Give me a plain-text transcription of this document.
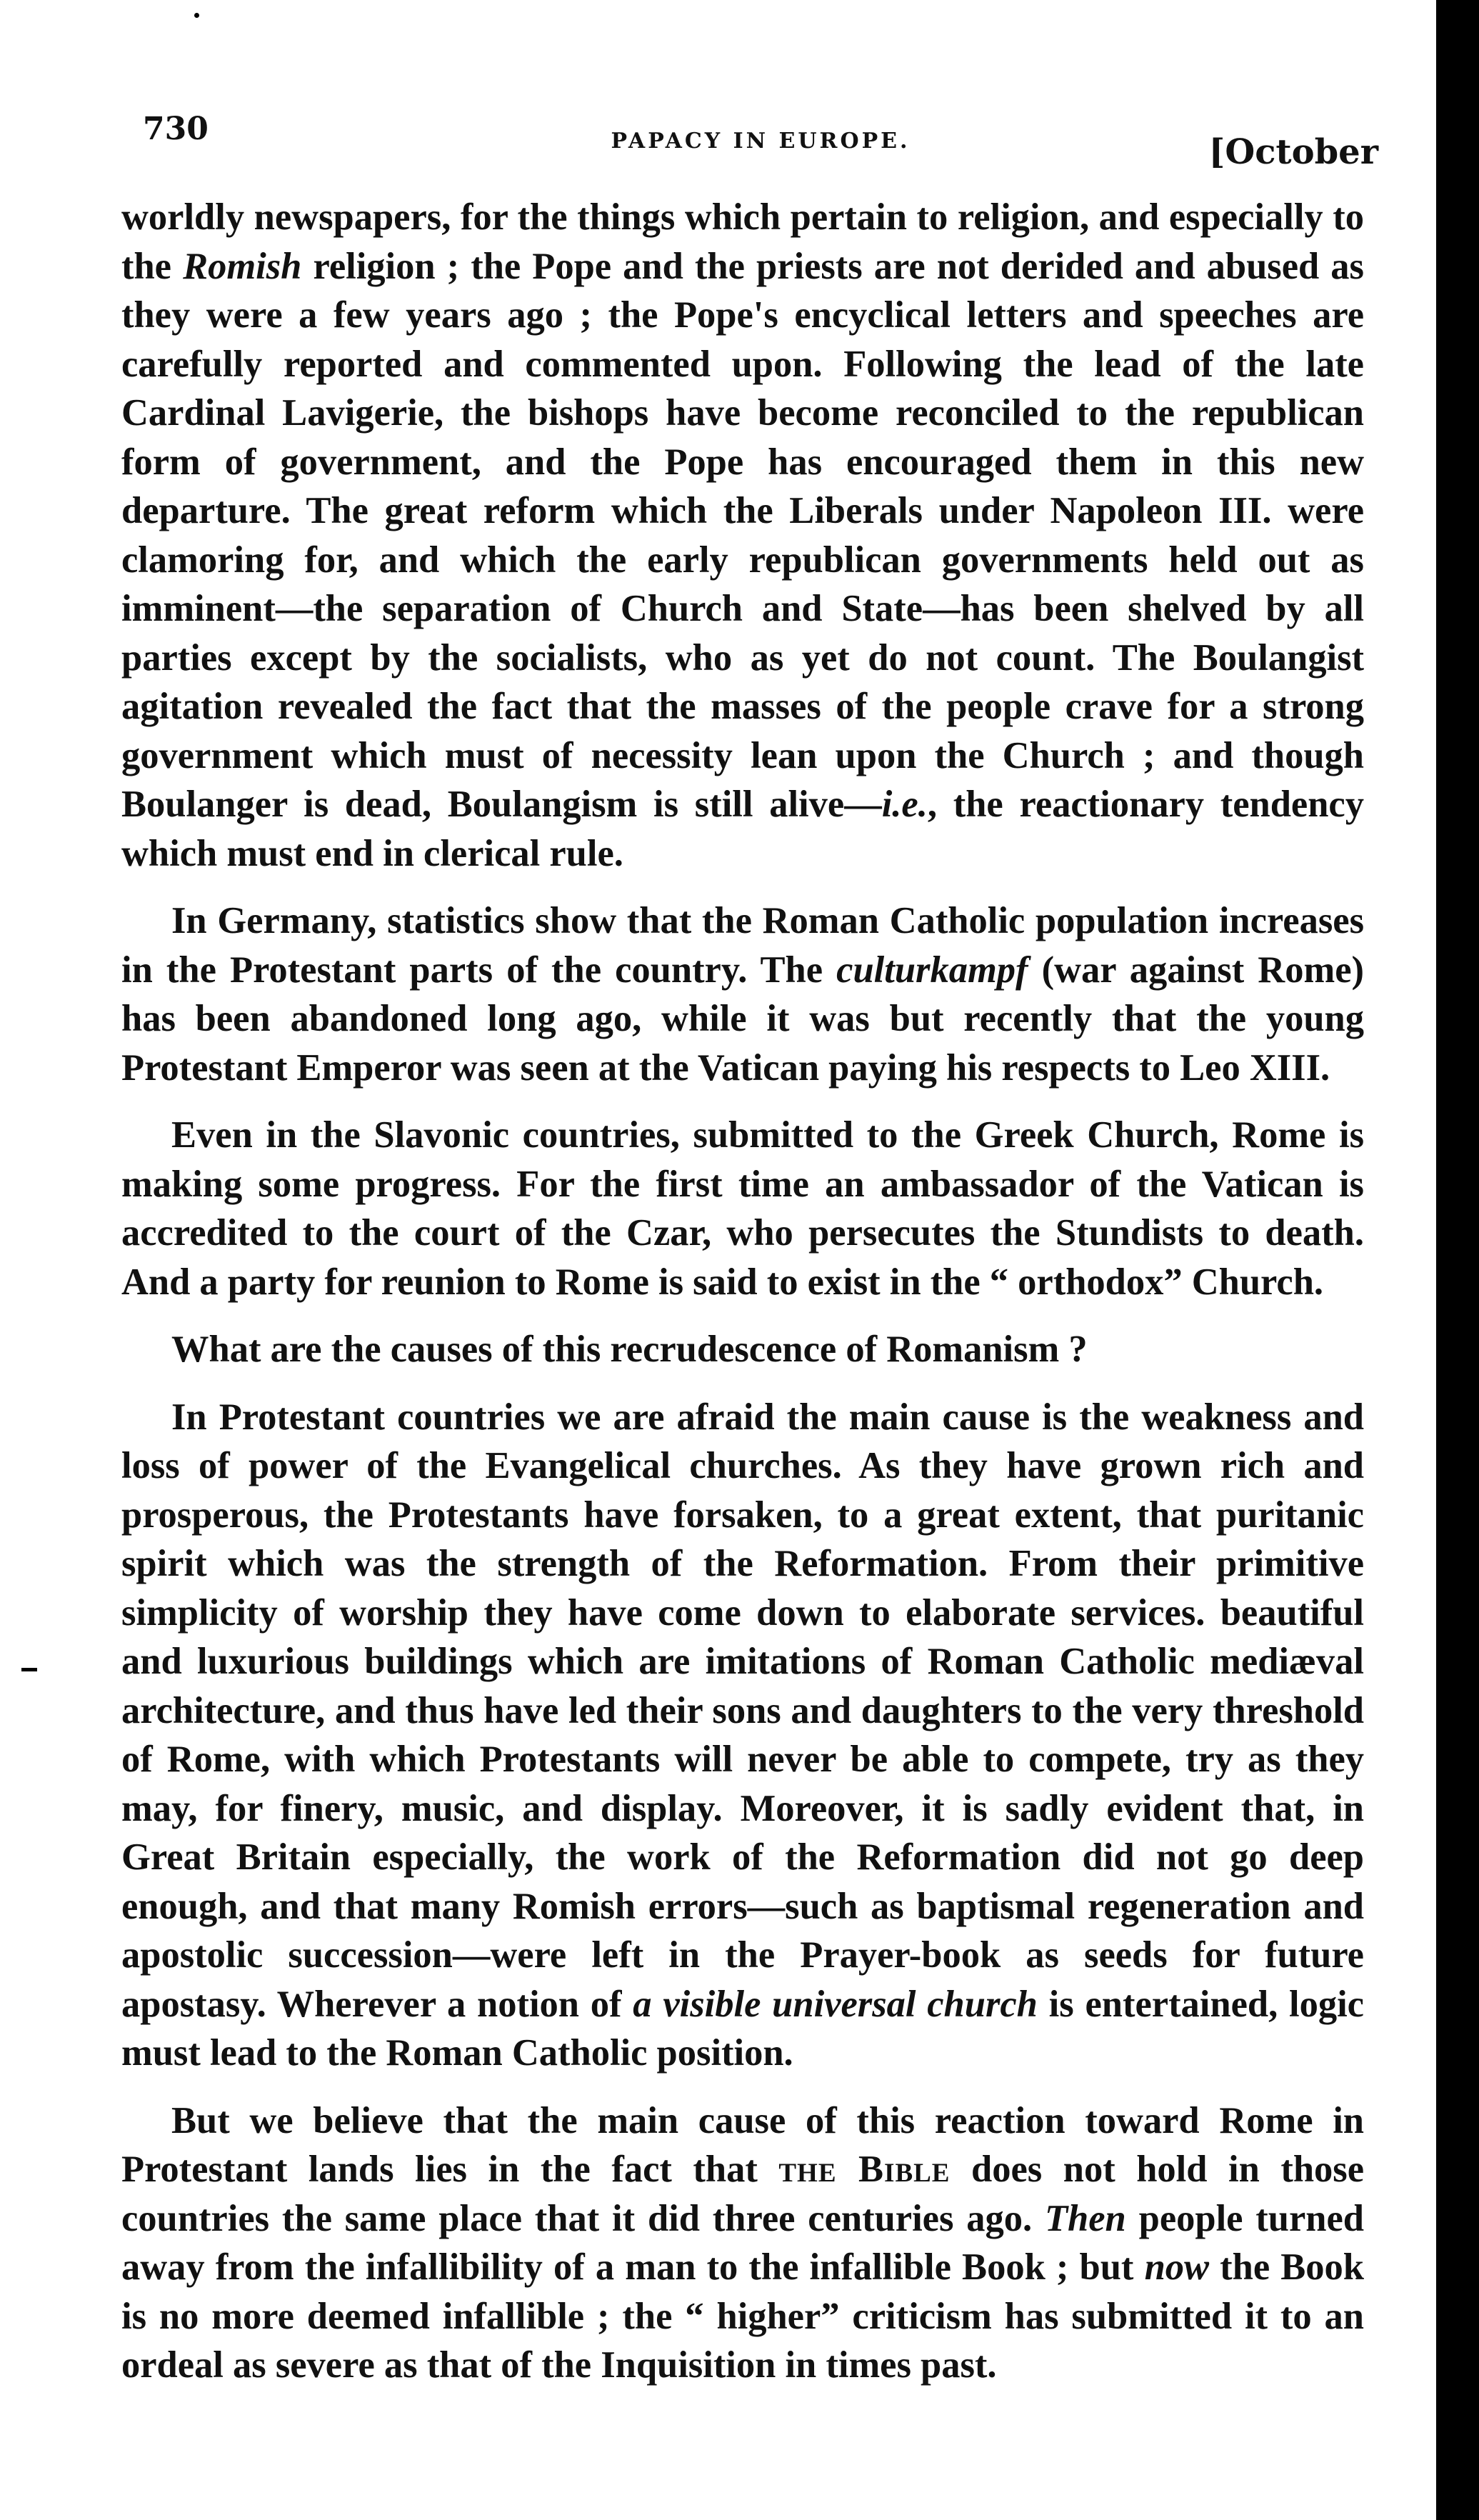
730	PAPACY IN EUROPE.	[October

worldly newspapers, for the things which pertain to religion, and especially to the Romish religion ; the Pope and the priests are not derided and abused as they were a few years ago ; the Pope's encyclical letters and speeches are carefully reported and commented upon. Following the lead of the late Cardinal Lavigerie, the bishops have become reconciled to the republican form of government, and the Pope has encouraged them in this new departure. The great reform which the Liberals under Napoleon III. were clamoring for, and which the early republican governments held out as imminent—the separation of Church and State—has been shelved by all parties except by the socialists, who as yet do not count. The Boulangist agitation revealed the fact that the masses of the people crave for a strong government which must of necessity lean upon the Church ; and though Boulanger is dead, Boulangism is still alive—i.e., the reactionary tendency which must end in clerical rule.

In Germany, statistics show that the Roman Catholic population increases in the Protestant parts of the country. The culturkampf (war against Rome) has been abandoned long ago, while it was but recently that the young Protestant Emperor was seen at the Vatican paying his respects to Leo XIII.

Even in the Slavonic countries, submitted to the Greek Church, Rome is making some progress. For the first time an ambassador of the Vatican is accredited to the court of the Czar, who persecutes the Stundists to death. And a party for reunion to Rome is said to exist in the “ orthodox” Church.

What are the causes of this recrudescence of Romanism ?

In Protestant countries we are afraid the main cause is the weakness and loss of power of the Evangelical churches. As they have grown rich and prosperous, the Protestants have forsaken, to a great extent, that puritanic spirit which was the strength of the Reformation. From their primitive simplicity of worship they have come down to elaborate services. beautiful and luxurious buildings which are imitations of Roman Catholic mediæval architecture, and thus have led their sons and daughters to the very threshold of Rome, with which Protestants will never be able to compete, try as they may, for finery, music, and display. Moreover, it is sadly evident that, in Great Britain especially, the work of the Reformation did not go deep enough, and that many Romish errors—such as baptismal regeneration and apostolic succession—were left in the Prayer-book as seeds for future apostasy. Wherever a notion of a visible universal church is entertained, logic must lead to the Roman Catholic position.

But we believe that the main cause of this reaction toward Rome in Protestant lands lies in the fact that the Bible does not hold in those countries the same place that it did three centuries ago. Then people turned away from the infallibility of a man to the infallible Book ; but now the Book is no more deemed infallible ; the “ higher” criticism has submitted it to an ordeal as severe as that of the Inquisition in times past.
